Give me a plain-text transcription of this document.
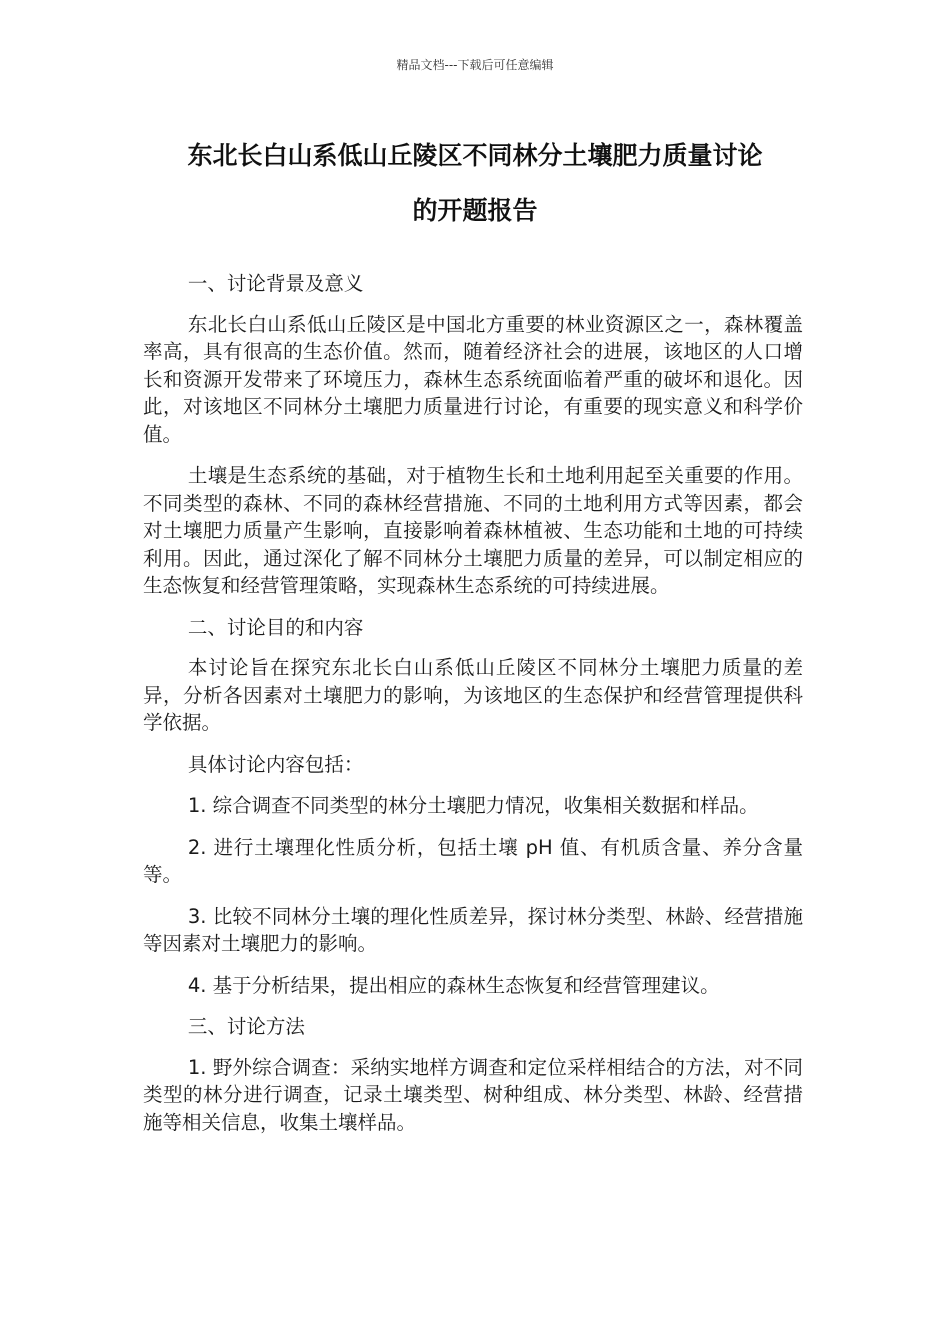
精品文档---下载后可任意编辑
东北长白山系低山丘陵区不同林分土壤肥力质量讨论
的开题报告

一、讨论背景及意义

东北长白山系低山丘陵区是中国北方重要的林业资源区之一，森林覆盖率高，具有很高的生态价值。然而，随着经济社会的进展，该地区的人口增长和资源开发带来了环境压力，森林生态系统面临着严重的破坏和退化。因此，对该地区不同林分土壤肥力质量进行讨论，有重要的现实意义和科学价值。

土壤是生态系统的基础，对于植物生长和土地利用起至关重要的作用。不同类型的森林、不同的森林经营措施、不同的土地利用方式等因素，都会对土壤肥力质量产生影响，直接影响着森林植被、生态功能和土地的可持续利用。因此，通过深化了解不同林分土壤肥力质量的差异，可以制定相应的生态恢复和经营管理策略，实现森林生态系统的可持续进展。

二、讨论目的和内容

本讨论旨在探究东北长白山系低山丘陵区不同林分土壤肥力质量的差异，分析各因素对土壤肥力的影响，为该地区的生态保护和经营管理提供科学依据。

具体讨论内容包括：

1. 综合调查不同类型的林分土壤肥力情况，收集相关数据和样品。

2. 进行土壤理化性质分析，包括土壤 pH 值、有机质含量、养分含量等。

3. 比较不同林分土壤的理化性质差异，探讨林分类型、林龄、经营措施等因素对土壤肥力的影响。

4. 基于分析结果，提出相应的森林生态恢复和经营管理建议。

三、讨论方法

1. 野外综合调查：采纳实地样方调查和定位采样相结合的方法，对不同类型的林分进行调查，记录土壤类型、树种组成、林分类型、林龄、经营措施等相关信息，收集土壤样品。
